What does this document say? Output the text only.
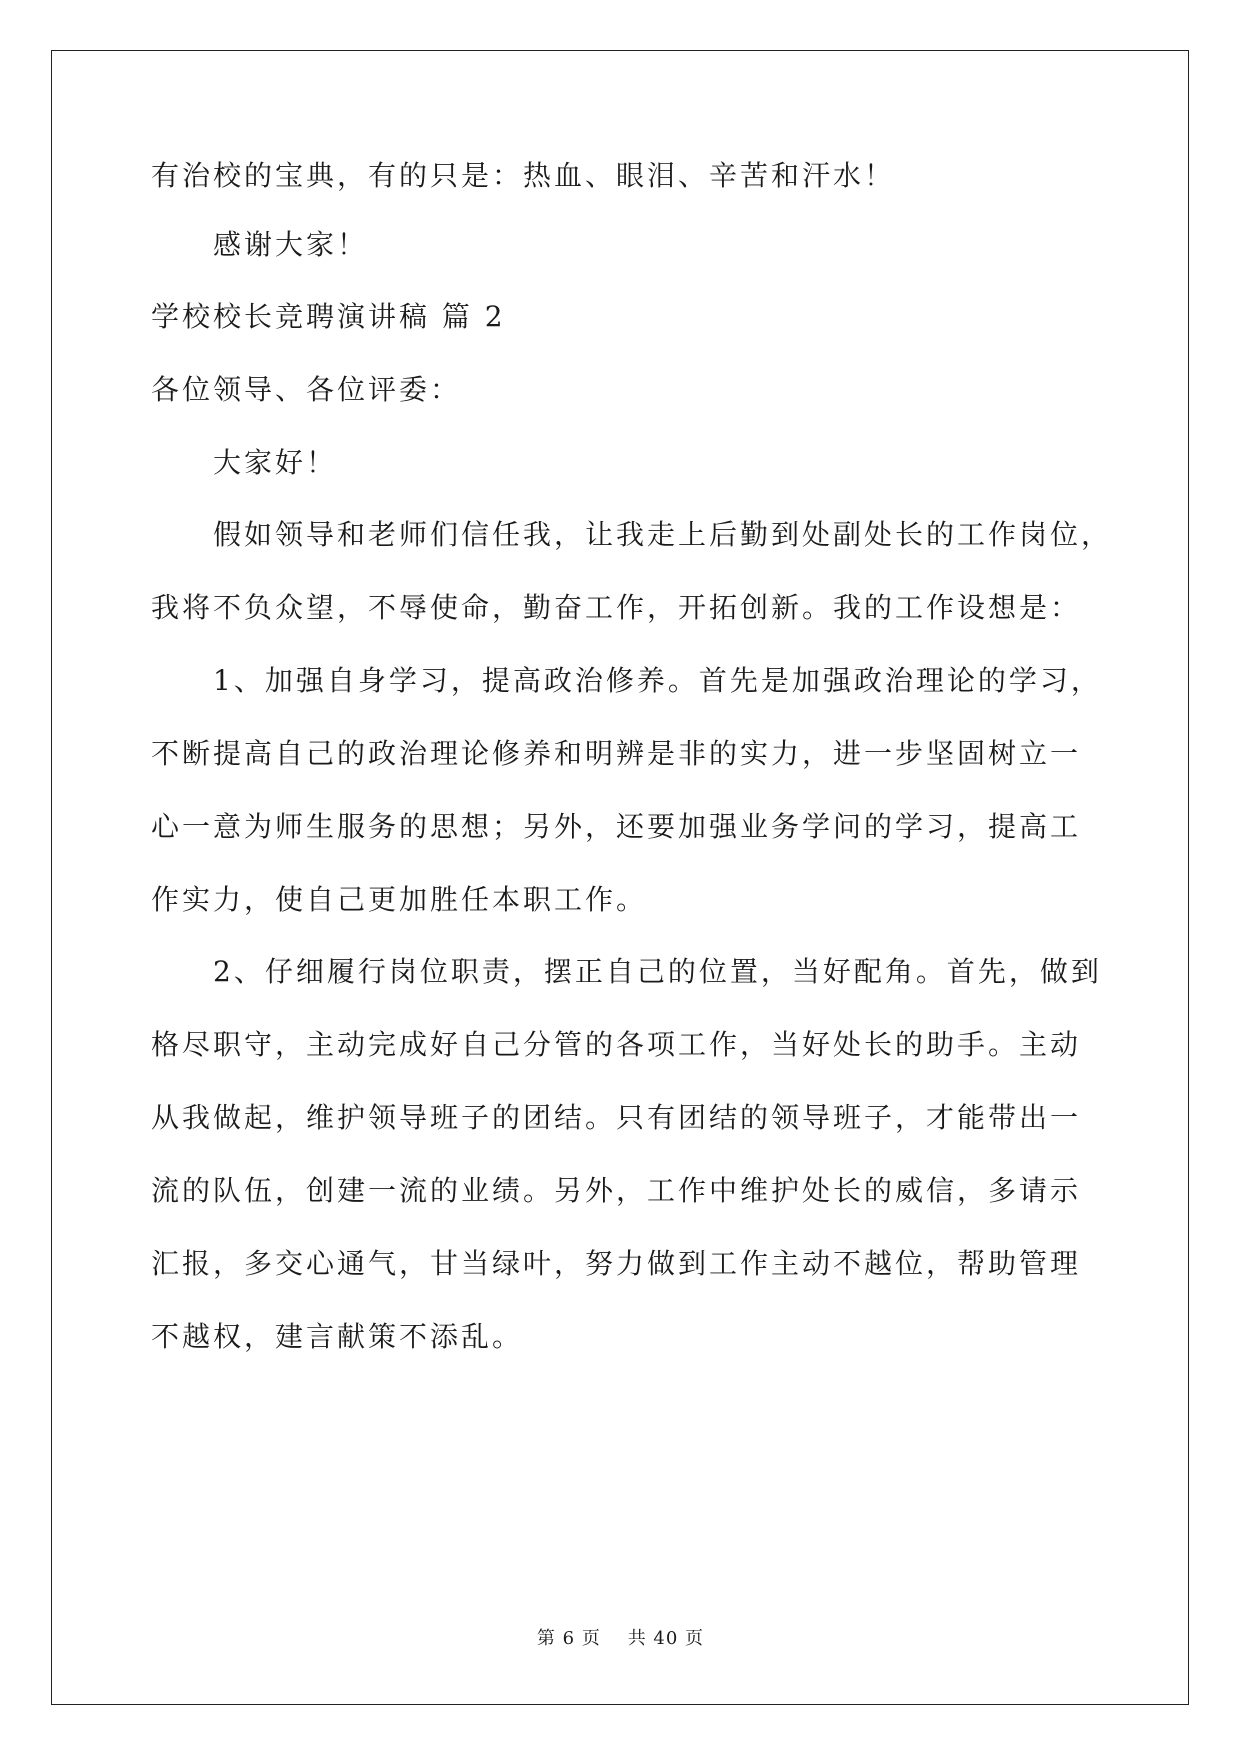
有治校的宝典，有的只是：热血、眼泪、辛苦和汗水！
感谢大家！
学校校长竞聘演讲稿 篇 2
各位领导、各位评委：
大家好！
假如领导和老师们信任我，让我走上后勤到处副处长的工作岗位，
我将不负众望，不辱使命，勤奋工作，开拓创新。我的工作设想是：
1、加强自身学习，提高政治修养。首先是加强政治理论的学习，
不断提高自己的政治理论修养和明辨是非的实力，进一步坚固树立一
心一意为师生服务的思想；另外，还要加强业务学问的学习，提高工
作实力，使自己更加胜任本职工作。
2、仔细履行岗位职责，摆正自己的位置，当好配角。首先，做到
格尽职守，主动完成好自己分管的各项工作，当好处长的助手。主动
从我做起，维护领导班子的团结。只有团结的领导班子，才能带出一
流的队伍，创建一流的业绩。另外，工作中维护处长的威信，多请示
汇报，多交心通气，甘当绿叶，努力做到工作主动不越位，帮助管理
不越权，建言献策不添乱。
第 6 页    共 40 页
